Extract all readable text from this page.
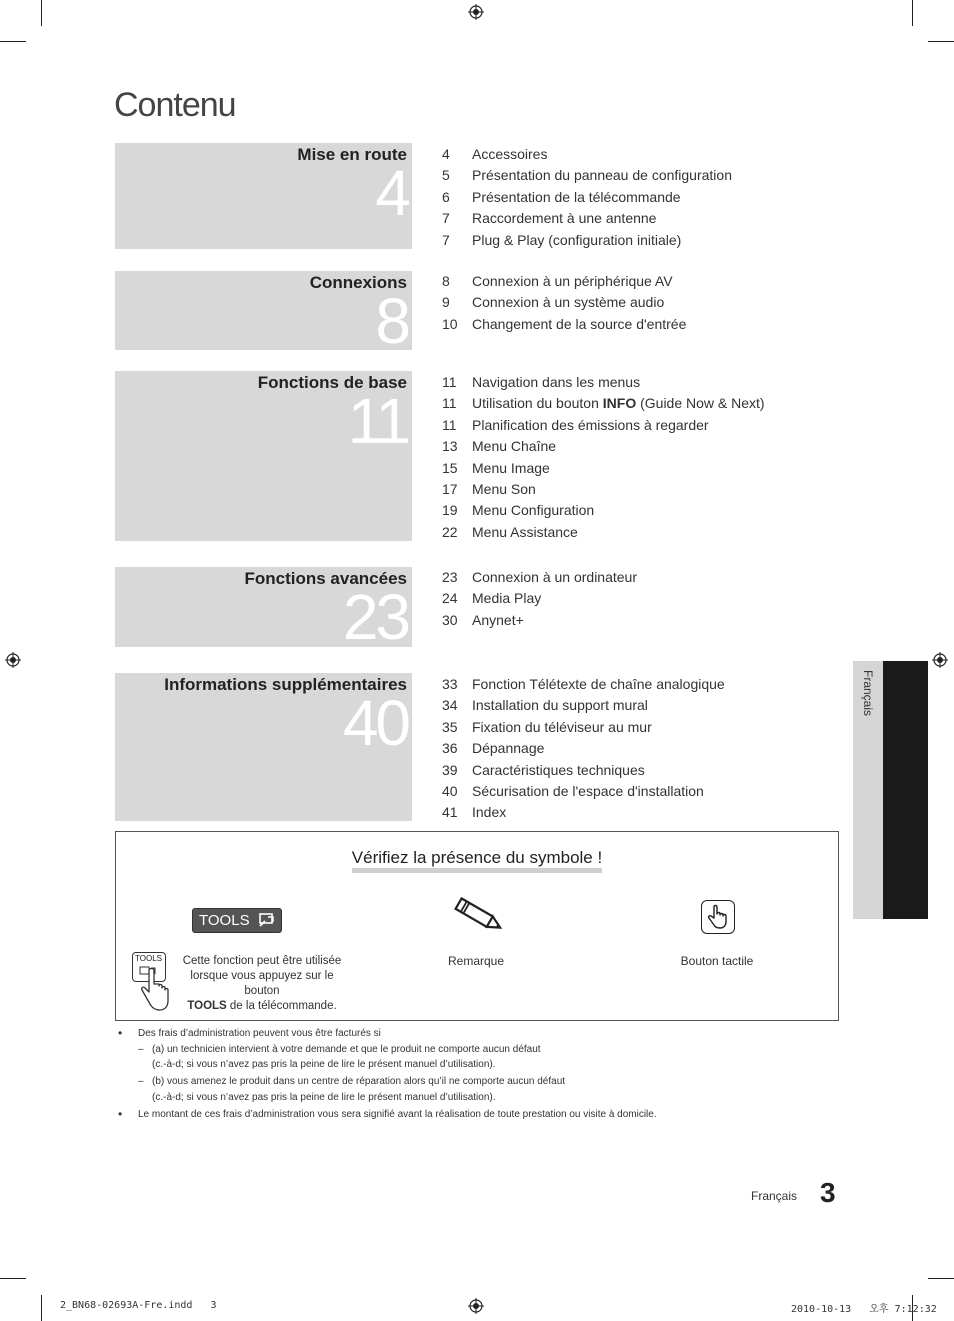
Contenu
Mise en route
4
4 Accessoires
5 Présentation du panneau de configuration
6 Présentation de la télécommande
7 Raccordement à une antenne
7 Plug & Play (configuration initiale)
Connexions
8
8 Connexion à un périphérique AV
9 Connexion à un système audio
10 Changement de la source d'entrée
Fonctions de base
11
11 Navigation dans les menus
11 Utilisation du bouton INFO (Guide Now & Next)
11 Planification des émissions à regarder
13 Menu Chaîne
15 Menu Image
17 Menu Son
19 Menu Configuration
22 Menu Assistance
Fonctions avancées
23
23 Connexion à un ordinateur
24 Media Play
30 Anynet+
Informations supplémentaires
40
33 Fonction Télétexte de chaîne analogique
34 Installation du support mural
35 Fixation du téléviseur au mur
36 Dépannage
39 Caractéristiques techniques
40 Sécurisation de l'espace d'installation
41 Index
Français
Vérifiez la présence du symbole !
TOOLS
TOOLS	Cette fonction peut être utilisée
lorsque vous appuyez sur le bouton
TOOLS de la télécommande.
Remarque	Bouton tactile
• Des frais d’administration peuvent vous être facturés si
– (a) un technicien intervient à votre demande et que le produit ne comporte aucun défaut
(c.-à-d; si vous n’avez pas pris la peine de lire le présent manuel d’utilisation).
– (b) vous amenez le produit dans un centre de réparation alors qu’il ne comporte aucun défaut
(c.-à-d; si vous n’avez pas pris la peine de lire le présent manuel d’utilisation).
• Le montant de ces frais d’administration vous sera signifié avant la réalisation de toute prestation ou visite à domicile.
Français 3
2_BN68-02693A-Fre.indd   3	2010-10-13   오후 7:12:32
